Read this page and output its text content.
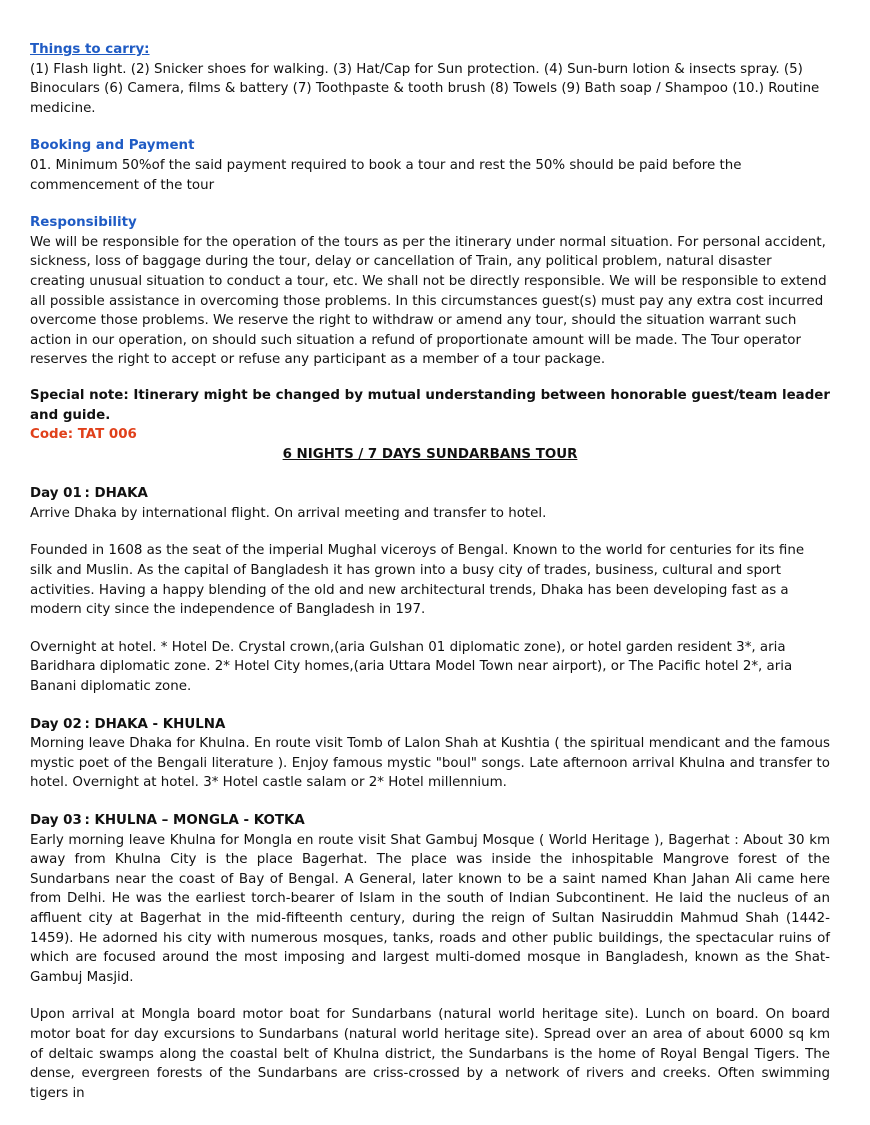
Things to carry:

(1) Flash light. (2) Snicker shoes for walking. (3) Hat/Cap for Sun protection. (4) Sun-burn lotion & insects spray. (5) Binoculars (6) Camera, films & battery (7) Toothpaste & tooth brush (8) Towels (9) Bath soap / Shampoo (10.) Routine medicine.

Booking and Payment

01. Minimum 50%of the said payment required to book a tour and rest the 50% should be paid before the commencement of the tour

Responsibility

We will be responsible for the operation of the tours as per the itinerary under normal situation. For personal accident, sickness, loss of baggage during the tour, delay or cancellation of Train, any political problem, natural disaster creating unusual situation to conduct a tour, etc. We shall not be directly responsible. We will be responsible to extend all possible assistance in overcoming those problems. In this circumstances guest(s) must pay any extra cost incurred overcome those problems. We reserve the right to withdraw or amend any tour, should the situation warrant such action in our operation, on should such situation a refund of proportionate amount will be made. The Tour operator reserves the right to accept or refuse any participant as a member of a tour package.

Special note: Itinerary might be changed by mutual understanding between honorable guest/team leader and guide.

Code: TAT 006

6 NIGHTS / 7 DAYS SUNDARBANS TOUR

Day 01 : DHAKA

Arrive Dhaka by international flight. On arrival meeting and transfer to hotel.

Founded in 1608 as the seat of the imperial Mughal viceroys of Bengal. Known to the world for centuries for its fine silk and Muslin. As the capital of Bangladesh it has grown into a busy city of trades, business, cultural and sport activities. Having a happy blending of the old and new architectural trends, Dhaka has been developing fast as a modern city since the independence of Bangladesh in 197.

Overnight at hotel. * Hotel De. Crystal crown,(aria Gulshan 01 diplomatic zone), or hotel garden resident 3*, aria Baridhara diplomatic zone. 2* Hotel City homes,(aria Uttara Model Town near airport), or The Pacific hotel 2*, aria Banani diplomatic zone.

Day 02 : DHAKA - KHULNA

Morning leave Dhaka for Khulna. En route visit Tomb of Lalon Shah at Kushtia ( the spiritual mendicant and the famous mystic poet of the Bengali literature ). Enjoy famous mystic "boul" songs. Late afternoon arrival Khulna and transfer to hotel. Overnight at hotel. 3* Hotel castle salam or 2* Hotel millennium.

Day 03 : KHULNA – MONGLA - KOTKA

Early morning leave Khulna for Mongla en route visit Shat Gambuj Mosque ( World Heritage ), Bagerhat : About 30 km away from Khulna City is the place Bagerhat. The place was inside the inhospitable Mangrove forest of the Sundarbans near the coast of Bay of Bengal. A General, later known to be a saint named Khan Jahan Ali came here from Delhi. He was the earliest torch-bearer of Islam in the south of Indian Subcontinent. He laid the nucleus of an affluent city at Bagerhat in the mid-fifteenth century, during the reign of Sultan Nasiruddin Mahmud Shah (1442-1459). He adorned his city with numerous mosques, tanks, roads and other public buildings, the spectacular ruins of which are focused around the most imposing and largest multi-domed mosque in Bangladesh, known as the Shat-Gambuj Masjid.

Upon arrival at Mongla board motor boat for Sundarbans (natural world heritage site). Lunch on board. On board motor boat for day excursions to Sundarbans (natural world heritage site). Spread over an area of about 6000 sq km of deltaic swamps along the coastal belt of Khulna district, the Sundarbans is the home of Royal Bengal Tigers. The dense, evergreen forests of the Sundarbans are criss-crossed by a network of rivers and creeks. Often swimming tigers in
